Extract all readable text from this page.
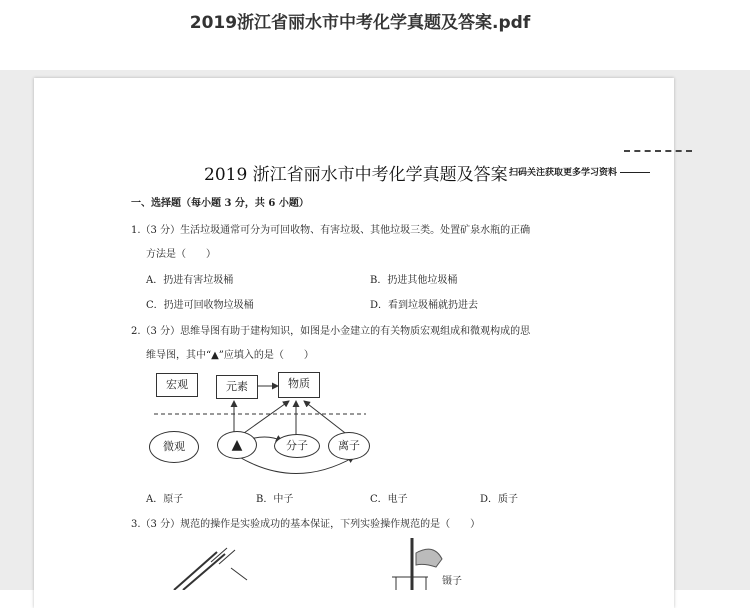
2019浙江省丽水市中考化学真题及答案.pdf
2019 浙江省丽水市中考化学真题及答案 扫码关注获取更多学习资料
一、选择题（每小题 3 分，共 6 小题）
1.（3 分）生活垃圾通常可分为可回收物、有害垃圾、其他垃圾三类。处置矿泉水瓶的正确
方法是（　　）
A．扔进有害垃圾桶	B．扔进其他垃圾桶
C．扔进可回收物垃圾桶	D．看到垃圾桶就扔进去
2.（3 分）思维导图有助于建构知识，如图是小金建立的有关物质宏观组成和微观构成的思
维导图，其中“▲”应填入的是（　　）
宏观	元素	物质
微观	▲	分子	离子
A．原子	B．中子	C．电子	D．质子
3.（3 分）规范的操作是实验成功的基本保证，下列实验操作规范的是（　　）
镊子
